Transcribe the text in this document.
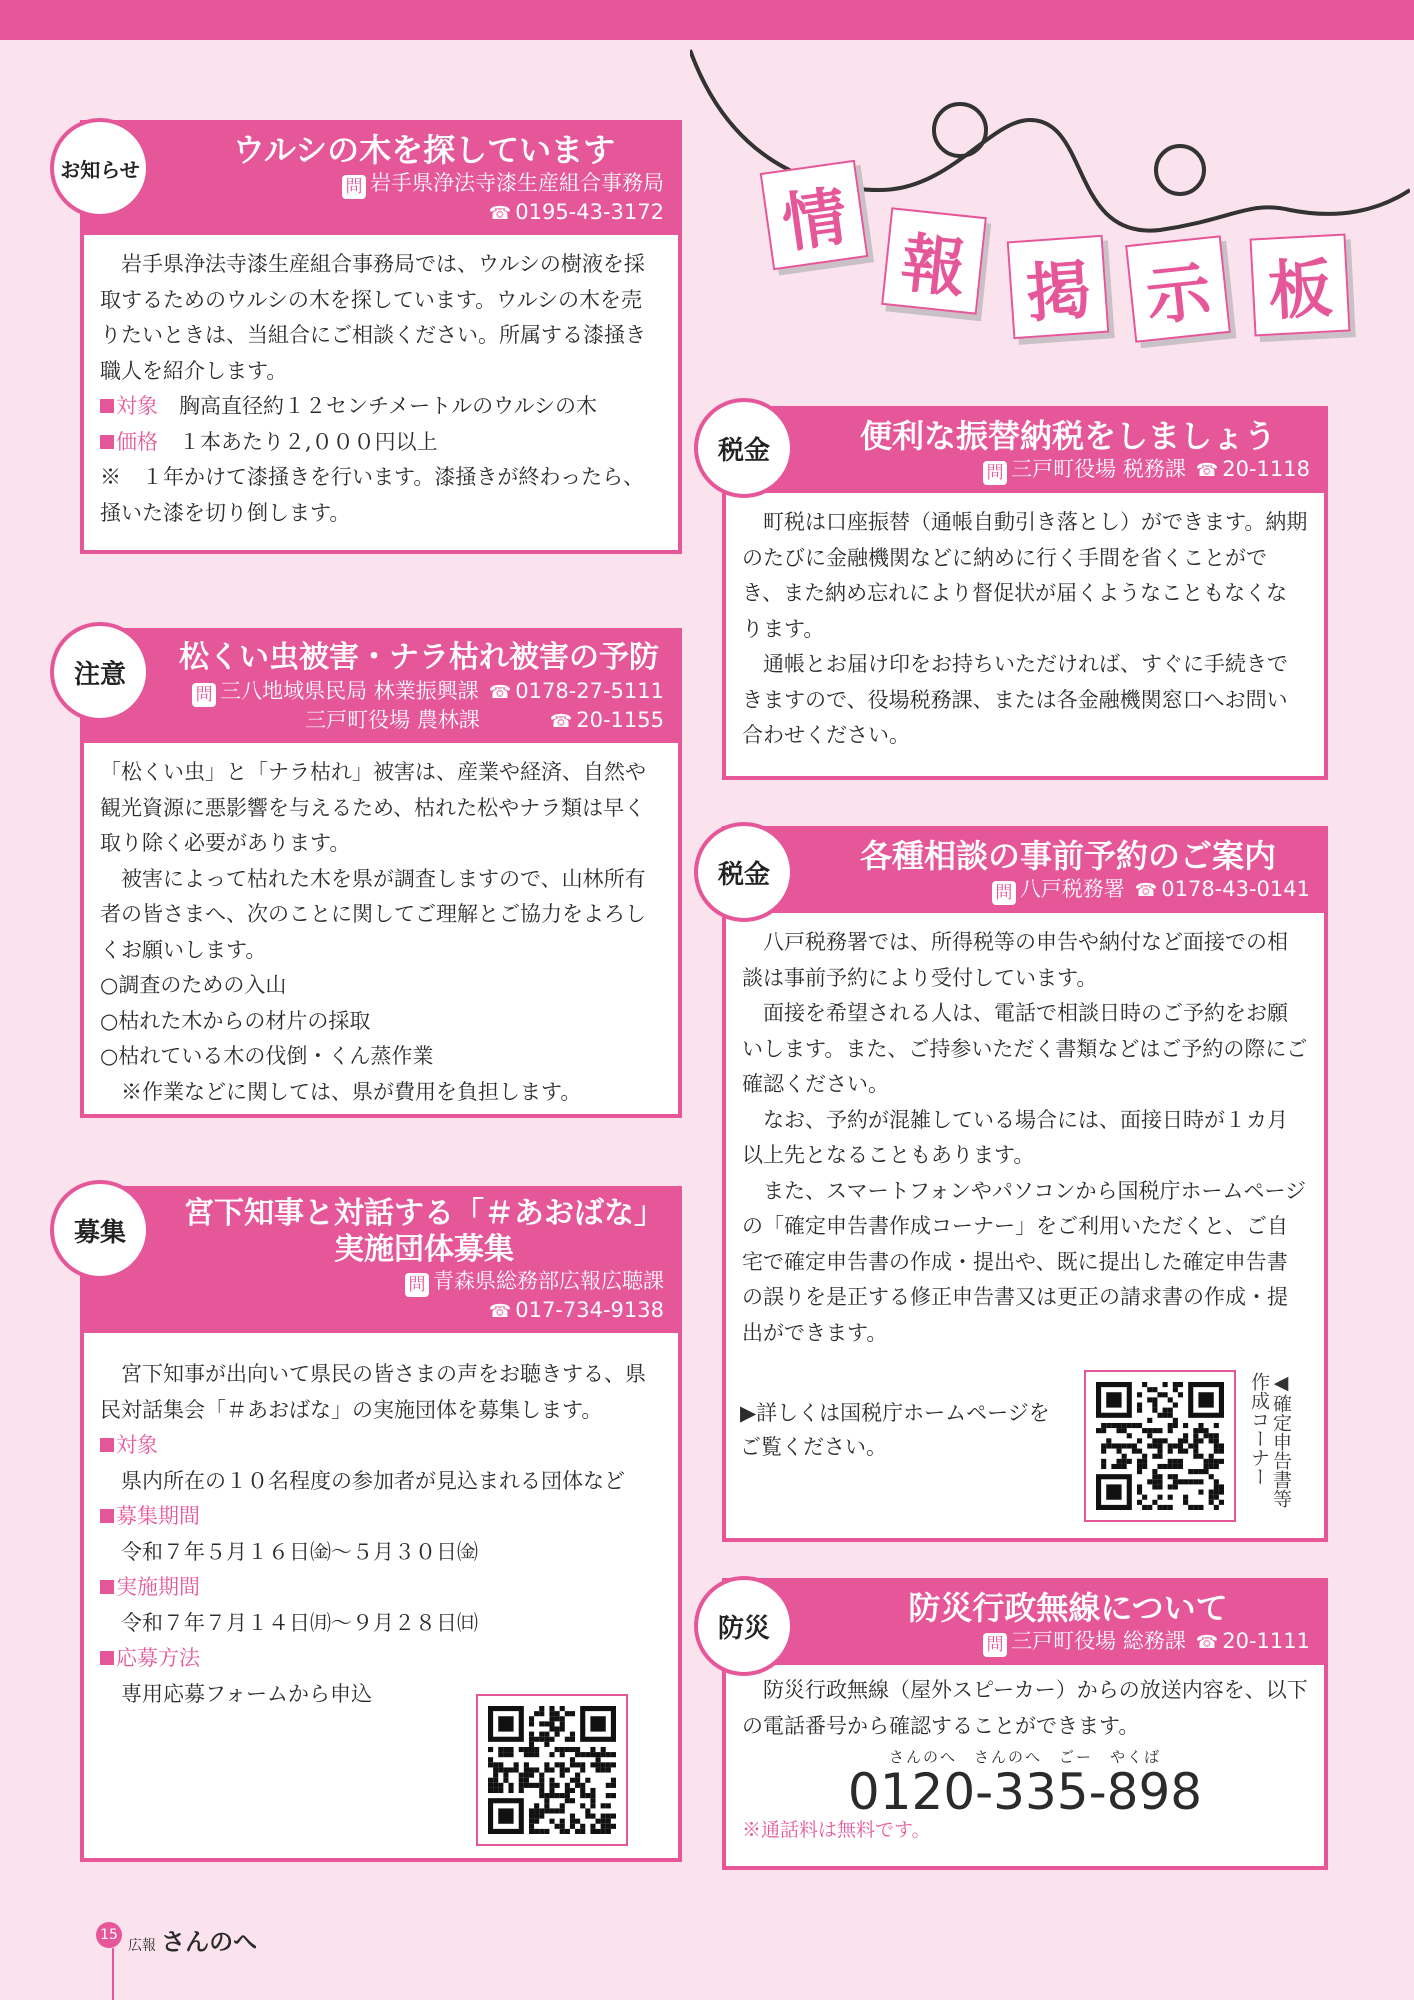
情
報 掲 示 板
ウルシの木を探しています
問 岩手県浄法寺漆生産組合事務局
☎ 0195-43-3172

岩手県浄法寺漆生産組合事務局では、ウルシの樹液を採取するためのウルシの木を探しています。ウルシの木を売りたいときは、当組合にご相談ください。所属する漆掻き職人を紹介します。

対象　 胸高直径約１２センチメートルのウルシの木

価格　 １本あたり２,０００円以上

※　１年かけて漆掻きを行います。漆掻きが終わったら、掻いた漆を切り倒します。

お知らせ
松くい虫被害・ナラ枯れ被害の予防
問 三八地域県民局 林業振興課 ☎ 0178-27-5111
三戸町役場 農林課	☎ 20-1155

「松くい虫」と「ナラ枯れ」被害は、産業や経済、自然や観光資源に悪影響を与えるため、枯れた松やナラ類は早く取り除く必要があります。

被害によって枯れた木を県が調査しますので、山林所有者の皆さまへ、次のことに関してご理解とご協力をよろしくお願いします。

○調査のための入山

○枯れた木からの材片の採取

○枯れている木の伐倒・くん蒸作業

※作業などに関しては、県が費用を負担します。

注意
宮下知事と対話する「＃あおばな」
実施団体募集
問 青森県総務部広報広聴課
☎ 017-734-9138

宮下知事が出向いて県民の皆さまの声をお聴きする、県民対話集会「＃あおばな」の実施団体を募集します。

対象

県内所在の１０名程度の参加者が見込まれる団体など

募集期間

令和７年５月１６日㈮～５月３０日㈮

実施期間

令和７年７月１４日㈪～９月２８日㈰

応募方法

専用応募フォームから申込

募集
便利な振替納税をしましょう
問 三戸町役場 税務課 ☎ 20-1118

町税は口座振替（通帳自動引き落とし）ができます。納期のたびに金融機関などに納めに行く手間を省くことができ、また納め忘れにより督促状が届くようなこともなくなります。

通帳とお届け印をお持ちいただければ、すぐに手続きできますので、役場税務課、または各金融機関窓口へお問い合わせください。

税金
各種相談の事前予約のご案内
問 八戸税務署 ☎ 0178-43-0141

八戸税務署では、所得税等の申告や納付など面接での相談は事前予約により受付しています。

面接を希望される人は、電話で相談日時のご予約をお願いします。また、ご持参いただく書類などはご予約の際にご確認ください。

なお、予約が混雑している場合には、面接日時が１カ月以上先となることもあります。

また、スマートフォンやパソコンから国税庁ホームページの「確定申告書作成コーナー」をご利用いただくと、ご自宅で確定申告書の作成・提出や、既に提出した確定申告書の誤りを是正する修正申告書又は更正の請求書の作成・提出ができます。

税金
▶詳しくは国税庁ホームページをご覧ください。	◀確定申告書等作成コーナー
防災行政無線について
問 三戸町役場 総務課 ☎ 20-1111

防災行政無線（屋外スピーカー）からの放送内容を、以下の電話番号から確認することができます。

さんのへ　さんのへ　ごー　やくば

0120-335-898

※通話料は無料です。

防災
15
広報 さんのへ
